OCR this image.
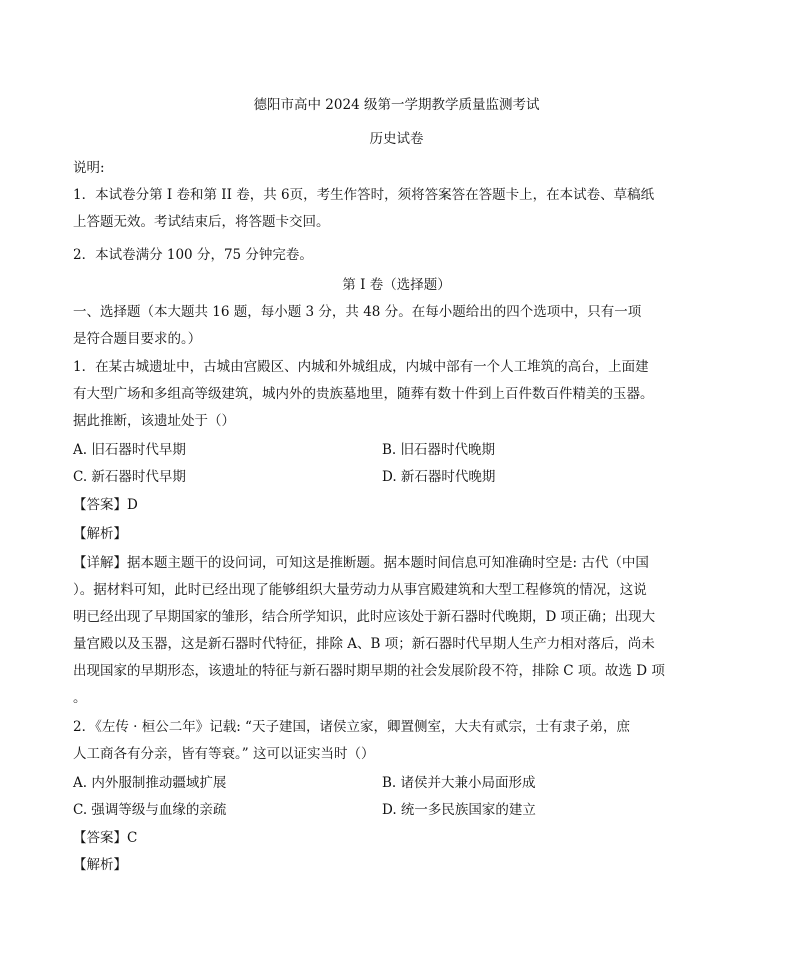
德阳市高中 2024 级第一学期教学质量监测考试
历史试卷
说明:
1．本试卷分第 I 卷和第 II 卷，共 6页，考生作答时，须将答案答在答题卡上，在本试卷、草稿纸
上答题无效。考试结束后，将答题卡交回。
2．本试卷满分 100 分，75 分钟完卷。
第 I 卷（选择题）
一、选择题（本大题共 16 题，每小题 3 分，共 48 分。在每小题给出的四个选项中，只有一项
是符合题目要求的。）
1．在某古城遗址中，古城由宫殿区、内城和外城组成，内城中部有一个人工堆筑的高台，上面建
有大型广场和多组高等级建筑，城内外的贵族墓地里，随葬有数十件到上百件数百件精美的玉器。
据此推断，该遗址处于（）
A. 旧石器时代早期	B. 旧石器时代晚期
C. 新石器时代早期	D. 新石器时代晚期
【答案】D
【解析】
【详解】据本题主题干的设问词，可知这是推断题。据本题时间信息可知准确时空是: 古代（中国
）。据材料可知，此时已经出现了能够组织大量劳动力从事宫殿建筑和大型工程修筑的情况，这说
明已经出现了早期国家的雏形，结合所学知识，此时应该处于新石器时代晚期，D 项正确；出现大
量宫殿以及玉器，这是新石器时代特征，排除 A、B 项；新石器时代早期人生产力相对落后，尚未
出现国家的早期形态，该遗址的特征与新石器时期早期的社会发展阶段不符，排除 C 项。故选 D 项
。
2．《左传 · 桓公二年》记载: “天子建国，诸侯立家，卿置侧室，大夫有贰宗，士有隶子弟，庶
人工商各有分亲，皆有等衰。” 这可以证实当时（）
A. 内外服制推动疆域扩展	B. 诸侯并大兼小局面形成
C. 强调等级与血缘的亲疏	D. 统一多民族国家的建立
【答案】C
【解析】
